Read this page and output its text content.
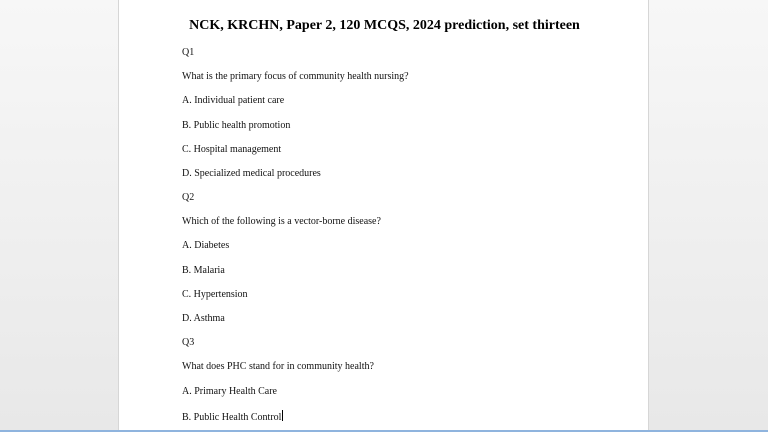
NCK, KRCHN, Paper 2, 120 MCQS, 2024 prediction, set thirteen
Q1
What is the primary focus of community health nursing?
A. Individual patient care
B. Public health promotion
C. Hospital management
D. Specialized medical procedures
Q2
Which of the following is a vector-borne disease?
A. Diabetes
B. Malaria
C. Hypertension
D. Asthma
Q3
What does PHC stand for in community health?
A. Primary Health Care
B. Public Health Control
